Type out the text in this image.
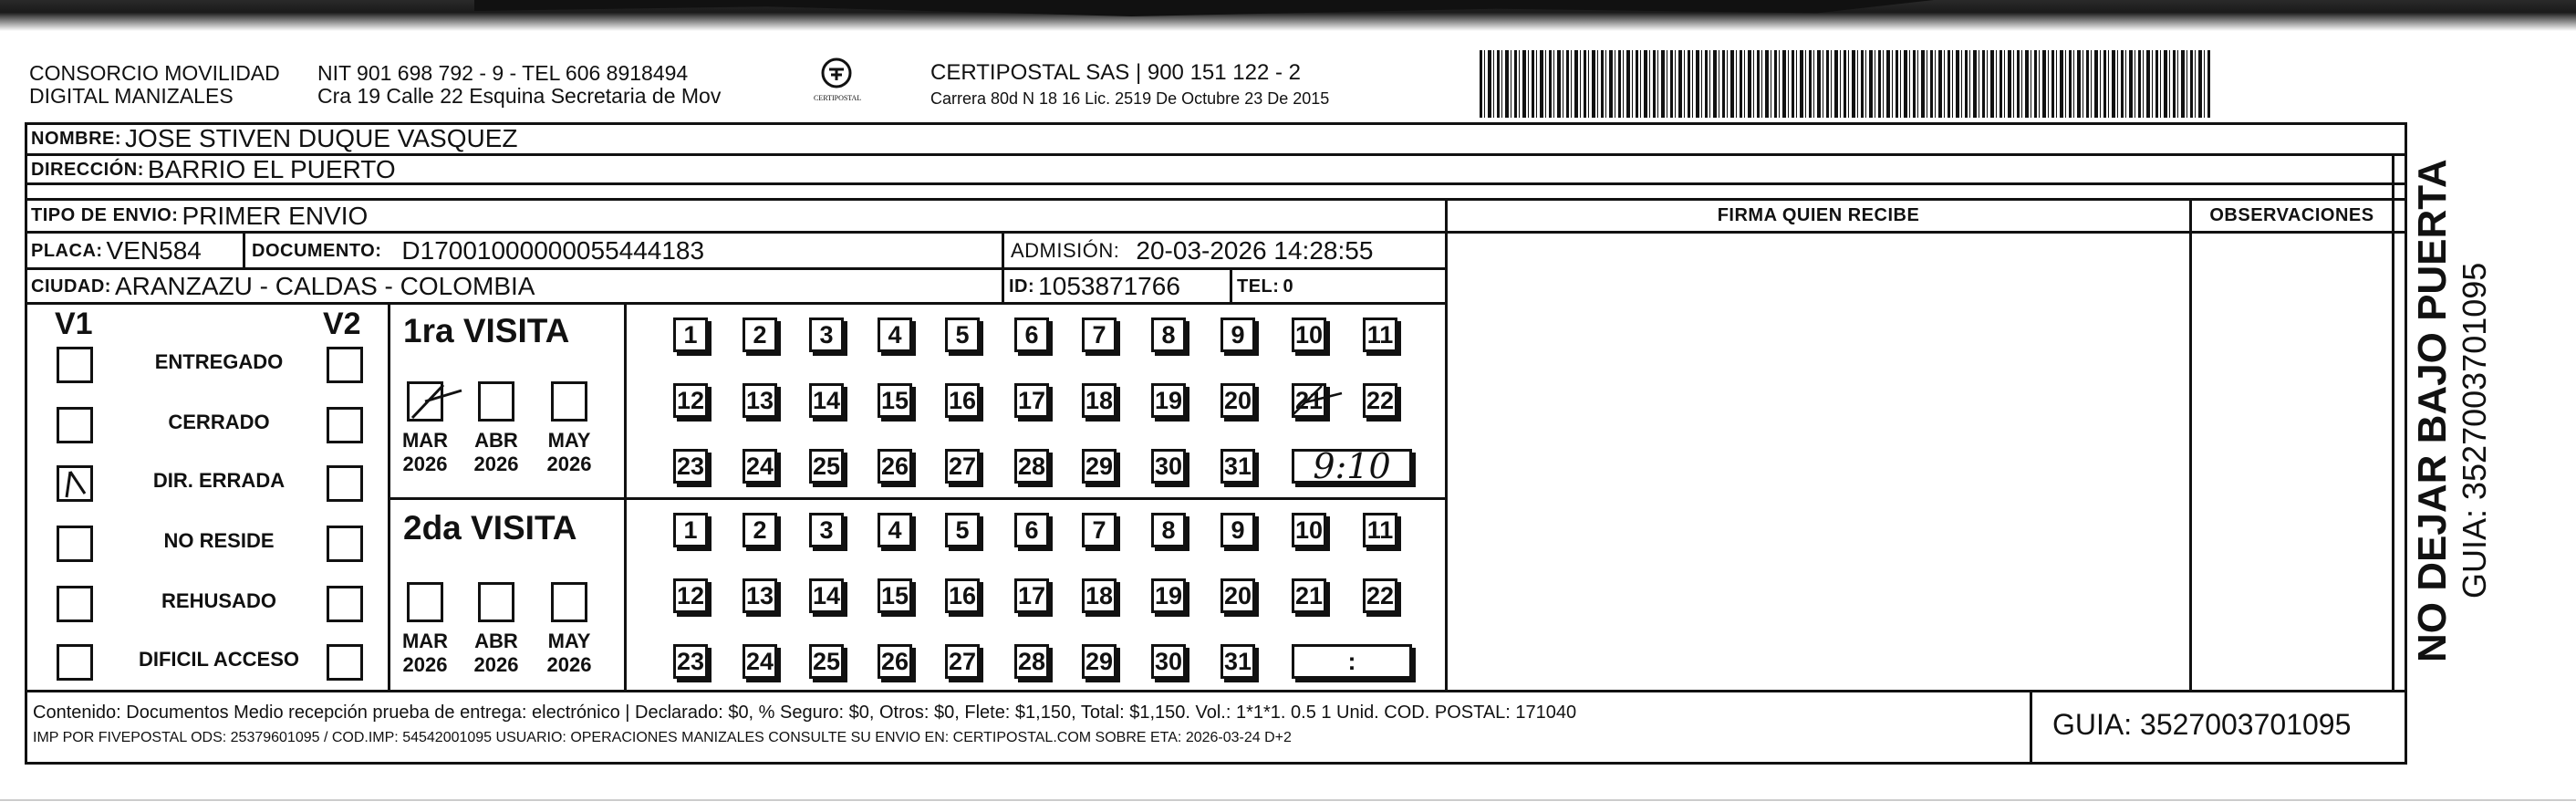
CONSORCIO MOVILIDAD
DIGITAL MANIZALES
NIT 901 698 792 - 9 - TEL 606 8918494
Cra 19 Calle 22 Esquina Secretaria de Mov	CERTIPOSTAL
CERTIPOSTAL SAS | 900 151 122 - 2
Carrera 80d N 18 16 Lic. 2519 De Octubre 23 De 2015
NOMBRE: JOSE STIVEN DUQUE VASQUEZ
DIRECCIÓN: BARRIO EL PUERTO
TIPO DE ENVIO: PRIMER ENVIO
PLACA: VEN584	DOCUMENTO: D17001000000055444183	ADMISIÓN: 20-03-2026 14:28:55
CIUDAD: ARANZAZU - CALDAS - COLOMBIA	ID: 1053871766	TEL: 0
FIRMA QUIEN RECIBE	OBSERVACIONES
V1	V2 1ra VISITA
2da VISITA
Contenido: Documentos Medio recepción prueba de entrega: electrónico | Declarado: $0, % Seguro: $0, Otros: $0, Flete: $1,150, Total: $1,150. Vol.: 1*1*1. 0.5 1 Unid. COD. POSTAL: 171040
IMP POR FIVEPOSTAL ODS: 25379601095 / COD.IMP: 54542001095 USUARIO: OPERACIONES MANIZALES CONSULTE SU ENVIO EN: CERTIPOSTAL.COM SOBRE ETA: 2026-03-24 D+2	GUIA: 3527003701095
NO DEJAR BAJO PUERTA GUIA: 3527003701095
ENTREGADO
CERRADO
DIR. ERRADA
NO RESIDE
REHUSADO
DIFICIL ACCESO
MAR
2026
ABR
2026
MAY
2026
MAR
2026
ABR
2026
MAY
2026
1	2	3	4	5	6	7	8	9	10 11
12 13 14 15 16 17 18 19 20 21 22
23 24 25 26 27 28 29 30 31	9:10
1	2	3	4	5	6	7	8	9	10 11
12 13 14 15 16 17 18 19 20 21 22
23 24 25 26 27 28 29 30 31	:
